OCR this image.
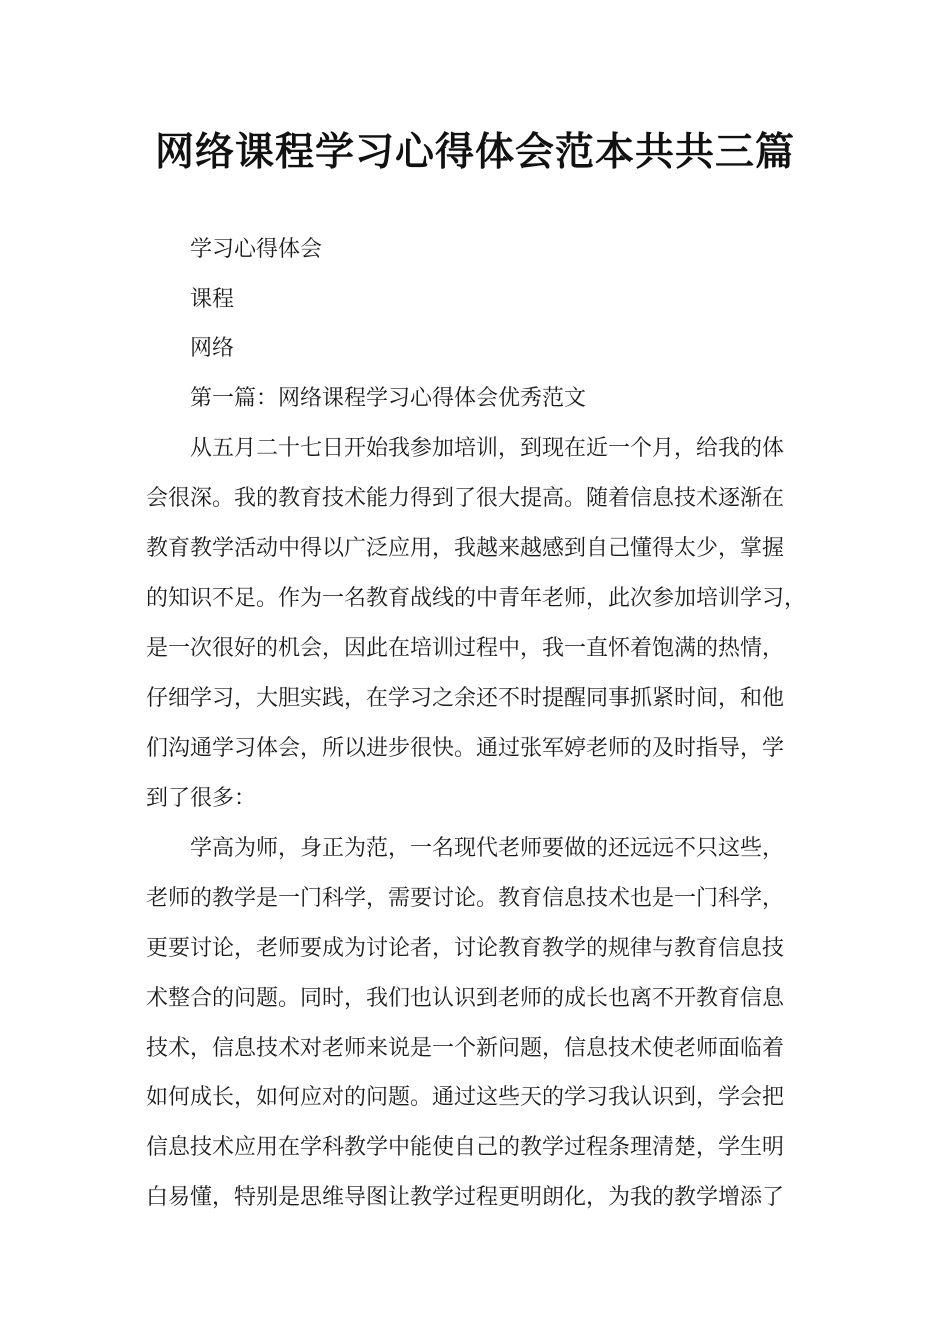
网络课程学习心得体会范本共共三篇

学习心得体会

课程

网络

第一篇：网络课程学习心得体会优秀范文

从五月二十七日开始我参加培训，到现在近一个月，给我的体

会很深。我的教育技术能力得到了很大提高。随着信息技术逐渐在

教育教学活动中得以广泛应用，我越来越感到自己懂得太少，掌握

的知识不足。作为一名教育战线的中青年老师，此次参加培训学习，

是一次很好的机会，因此在培训过程中，我一直怀着饱满的热情，

仔细学习，大胆实践，在学习之余还不时提醒同事抓紧时间，和他

们沟通学习体会，所以进步很快。通过张军婷老师的及时指导，学

到了很多：

学高为师，身正为范，一名现代老师要做的还远远不只这些，

老师的教学是一门科学，需要讨论。教育信息技术也是一门科学，

更要讨论，老师要成为讨论者，讨论教育教学的规律与教育信息技

术整合的问题。同时，我们也认识到老师的成长也离不开教育信息

技术，信息技术对老师来说是一个新问题，信息技术使老师面临着

如何成长，如何应对的问题。通过这些天的学习我认识到，学会把

信息技术应用在学科教学中能使自己的教学过程条理清楚，学生明

白易懂，特别是思维导图让教学过程更明朗化，为我的教学增添了
